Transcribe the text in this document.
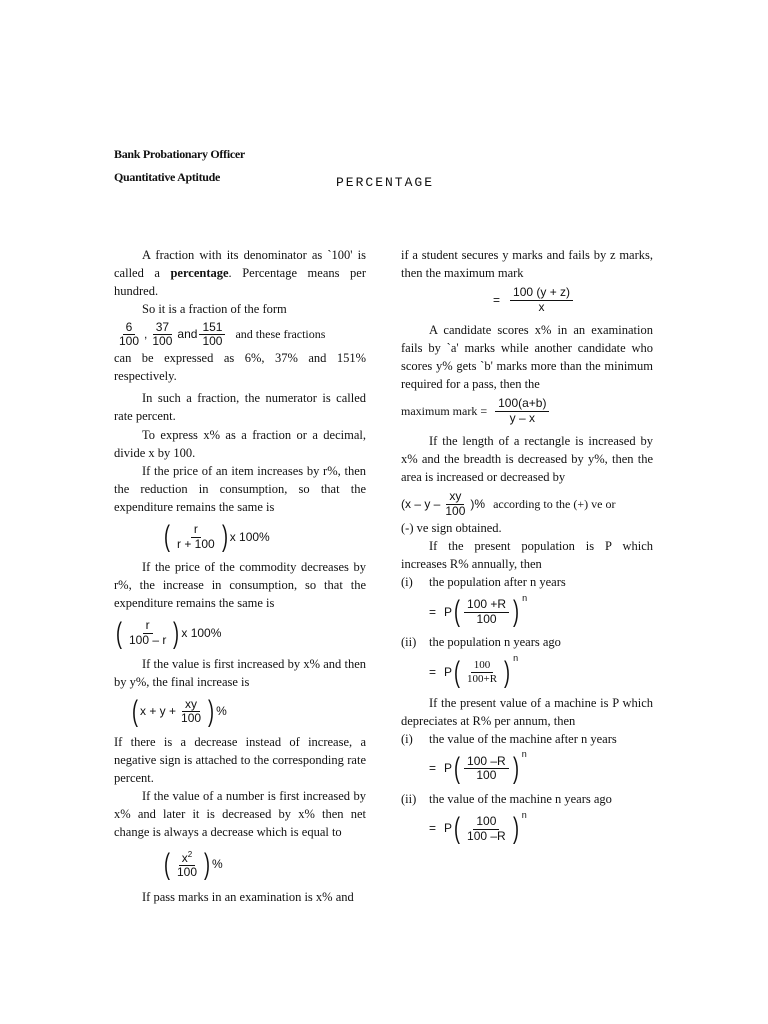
Bank Probationary Officer
Quantitative Aptitude	PERCENTAGE

A fraction with its denominator as `100' is called a percentage. Percentage means per hundred.

So it is a fraction of the form

$\frac{6}{100}$ , $\frac{37}{100}$ and $\frac{151}{100}$ and these fractions

can be expressed as 6%, 37% and 151% respectively.

In such a fraction, the numerator is called rate percent.

To express x% as a fraction or a decimal, divide x by 100.

If the price of an item increases by r%, then the reduction in consumption, so that the expenditure remains the same is

( $\frac{r}{r + 100}$ ) x 100%

If the price of the commodity decreases by r%, the increase in consumption, so that the expenditure remains the same is

( $\frac{r}{100 - r}$ ) x 100%

If the value is first increased by x% and then by y%, the final increase is

( $x + y + \frac{xy}{100}$ ) %

If there is a decrease instead of increase, a negative sign is attached to the corresponding rate percent.

If the value of a number is first increased by x% and later it is decreased by x% then net change is always a decrease which is equal to

( $\frac{x^2}{100}$ ) %

If pass marks in an examination is x% and

if a student secures y marks and fails by z marks, then the maximum mark

= $\frac{100 (y + z)}{x}$

A candidate scores x% in an examination fails by `a' marks while another candidate who scores y% gets `b' marks more than the minimum required for a pass, then the

maximum mark = $\frac{100(a+b)}{y - x}$

If the length of a rectangle is increased by x% and the breadth is decreased by y%, then the area is increased or decreased by

(x – y – $\frac{xy}{100}$ )% according to the (+) ve or

(-) ve sign obtained.

If the present population is P which increases R% annually, then

(i)	the population after n years
= P ( $\frac{100 +R}{100}$ ) n
(ii)	the population n years ago
= P ( $\frac{100}{100+R}$ ) n

If the present value of a machine is P which depreciates at R% per annum, then

(i)	the value of the machine after n years
= P ( $\frac{100 -R}{100}$ ) n
(ii)	the value of the machine n years ago
= P ( $\frac{100}{100 -R}$ ) n
